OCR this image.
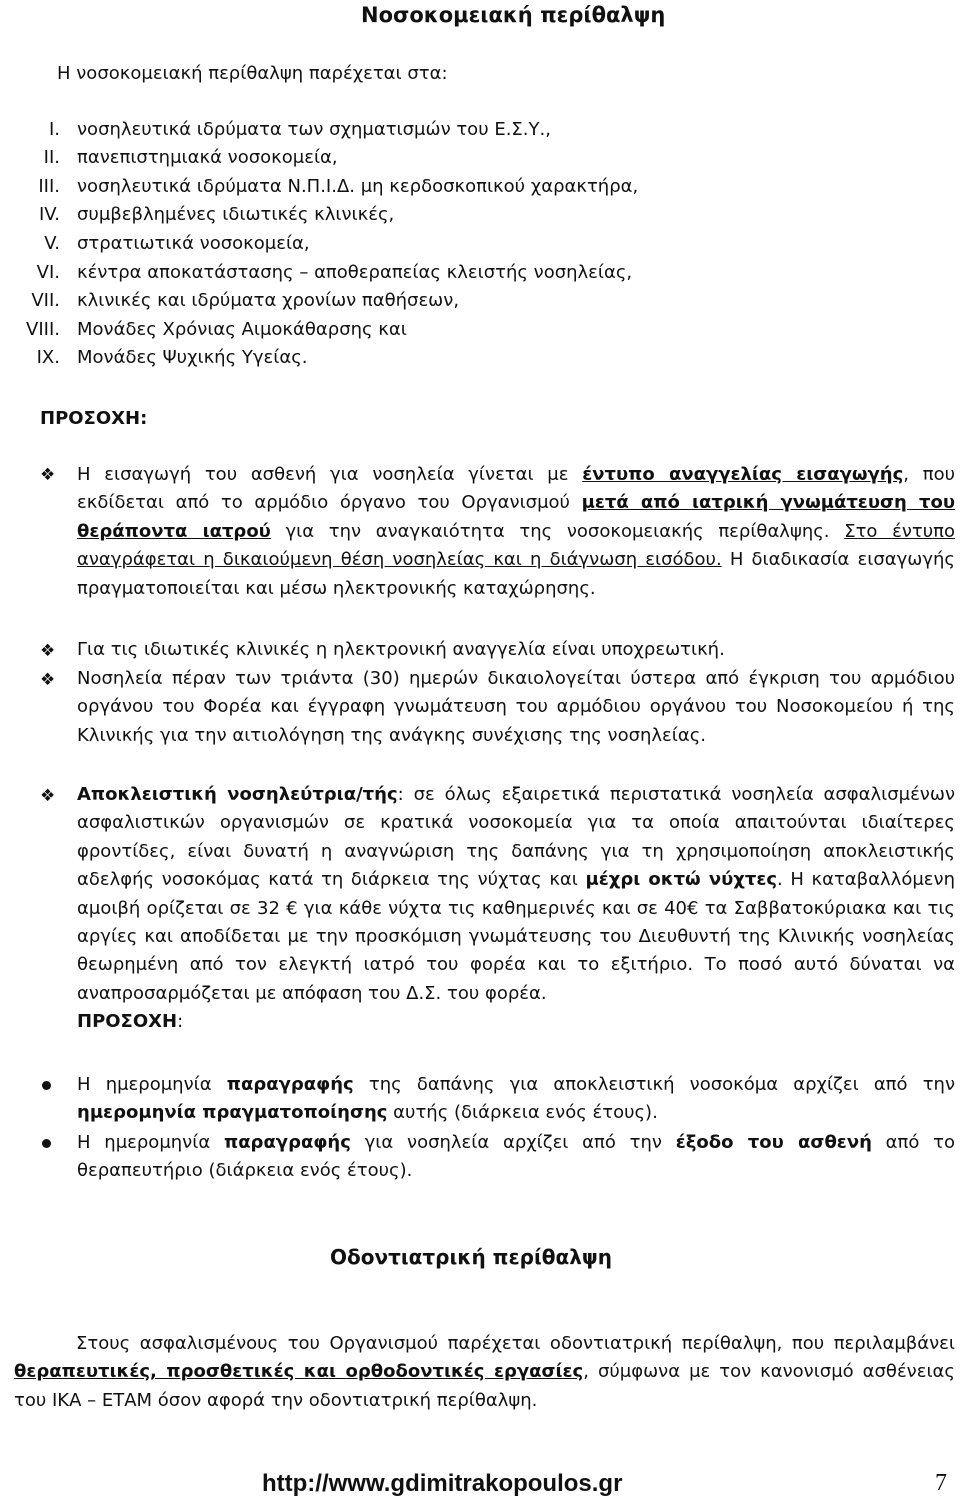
Νοσοκομειακή περίθαλψη
Η νοσοκομειακή περίθαλψη παρέχεται στα:
I. νοσηλευτικά ιδρύματα των σχηματισμών του Ε.Σ.Υ.,
II. πανεπιστημιακά νοσοκομεία,
III. νοσηλευτικά ιδρύματα Ν.Π.Ι.Δ. μη κερδοσκοπικού χαρακτήρα,
IV. συμβεβλημένες ιδιωτικές κλινικές,
V. στρατιωτικά νοσοκομεία,
VI. κέντρα αποκατάστασης – αποθεραπείας κλειστής νοσηλείας,
VII. κλινικές και ιδρύματα χρονίων παθήσεων,
VIII. Μονάδες Χρόνιας Αιμοκάθαρσης και
IX. Μονάδες Ψυχικής Υγείας.
ΠΡΟΣΟΧΗ:
❖	Η εισαγωγή του ασθενή για νοσηλεία γίνεται με έντυπο αναγγελίας εισαγωγής, που εκδίδεται από το αρμόδιο όργανο του Οργανισμού μετά από ιατρική γνωμάτευση του θεράποντα ιατρού για την αναγκαιότητα της νοσοκομειακής περίθαλψης. Στο έντυπο αναγράφεται η δικαιούμενη θέση νοσηλείας και η διάγνωση εισόδου. Η διαδικασία εισαγωγής πραγματοποιείται και μέσω ηλεκτρονικής καταχώρησης.
❖	Για τις ιδιωτικές κλινικές η ηλεκτρονική αναγγελία είναι υποχρεωτική.
❖	Νοσηλεία πέραν των τριάντα (30) ημερών δικαιολογείται ύστερα από έγκριση του αρμόδιου οργάνου του Φορέα και έγγραφη γνωμάτευση του αρμόδιου οργάνου του Νοσοκομείου ή της Κλινικής για την αιτιολόγηση της ανάγκης συνέχισης της νοσηλείας.
❖	Αποκλειστική νοσηλεύτρια/τής: σε όλως εξαιρετικά περιστατικά νοσηλεία ασφαλισμένων ασφαλιστικών οργανισμών σε κρατικά νοσοκομεία για τα οποία απαιτούνται ιδιαίτερες φροντίδες, είναι δυνατή η αναγνώριση της δαπάνης για τη χρησιμοποίηση αποκλειστικής αδελφής νοσοκόμας κατά τη διάρκεια της νύχτας και μέχρι οκτώ νύχτες. Η καταβαλλόμενη αμοιβή ορίζεται σε 32 € για κάθε νύχτα τις καθημερινές και σε 40€ τα Σαββατοκύριακα και τις αργίες και αποδίδεται με την προσκόμιση γνωμάτευσης του Διευθυντή της Κλινικής νοσηλείας θεωρημένη από τον ελεγκτή ιατρό του φορέα και το εξιτήριο. Το ποσό αυτό δύναται να αναπροσαρμόζεται με απόφαση του Δ.Σ. του φορέα.
ΠΡΟΣΟΧΗ:
Η ημερομηνία παραγραφής της δαπάνης για αποκλειστική νοσοκόμα αρχίζει από την ημερομηνία πραγματοποίησης αυτής (διάρκεια ενός έτους).
Η ημερομηνία παραγραφής για νοσηλεία αρχίζει από την έξοδο του ασθενή από το θεραπευτήριο (διάρκεια ενός έτους).
Οδοντιατρική περίθαλψη
Στους ασφαλισμένους του Οργανισμού παρέχεται οδοντιατρική περίθαλψη, που περιλαμβάνει θεραπευτικές, προσθετικές και ορθοδοντικές εργασίες, σύμφωνα με τον κανονισμό ασθένειας του ΙΚΑ – ΕΤΑΜ όσον αφορά την οδοντιατρική περίθαλψη.
http://www.gdimitrakopoulos.gr	7
